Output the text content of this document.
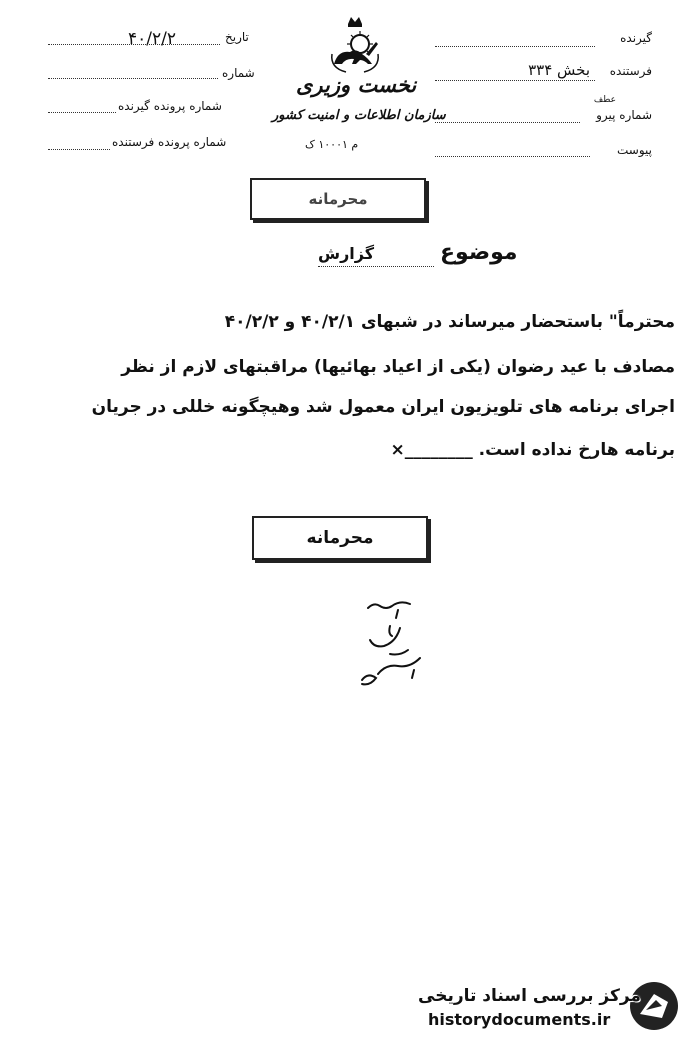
گیرنده
فرستنده
بخش ۳۳۴
عطف
شماره پیرو
پیوست
نخست وزیری
سازمان اطلاعات و امنیت کشور
م ۱۰۰۰۱ ک
تاریخ
۴۰/۲/۲
شماره
شماره پرونده گیرنده
شماره پرونده فرستنده
محرمانه
موضوع
گزارش
محترماً" باستحضار میرساند در شبهای ۴۰/۲/۱ و ۴۰/۲/۲
مصادف با عید رضوان (یکی از اعیاد بهائیها) مراقبتهای لازم از نظر
اجرای برنامه های تلویزیون ایران معمول شد وهیچگونه خللی در جریان
برنامه هارخ نداده است. ________×
محرمانه
مرکز بررسی اسناد تاریخی
historydocuments.ir
